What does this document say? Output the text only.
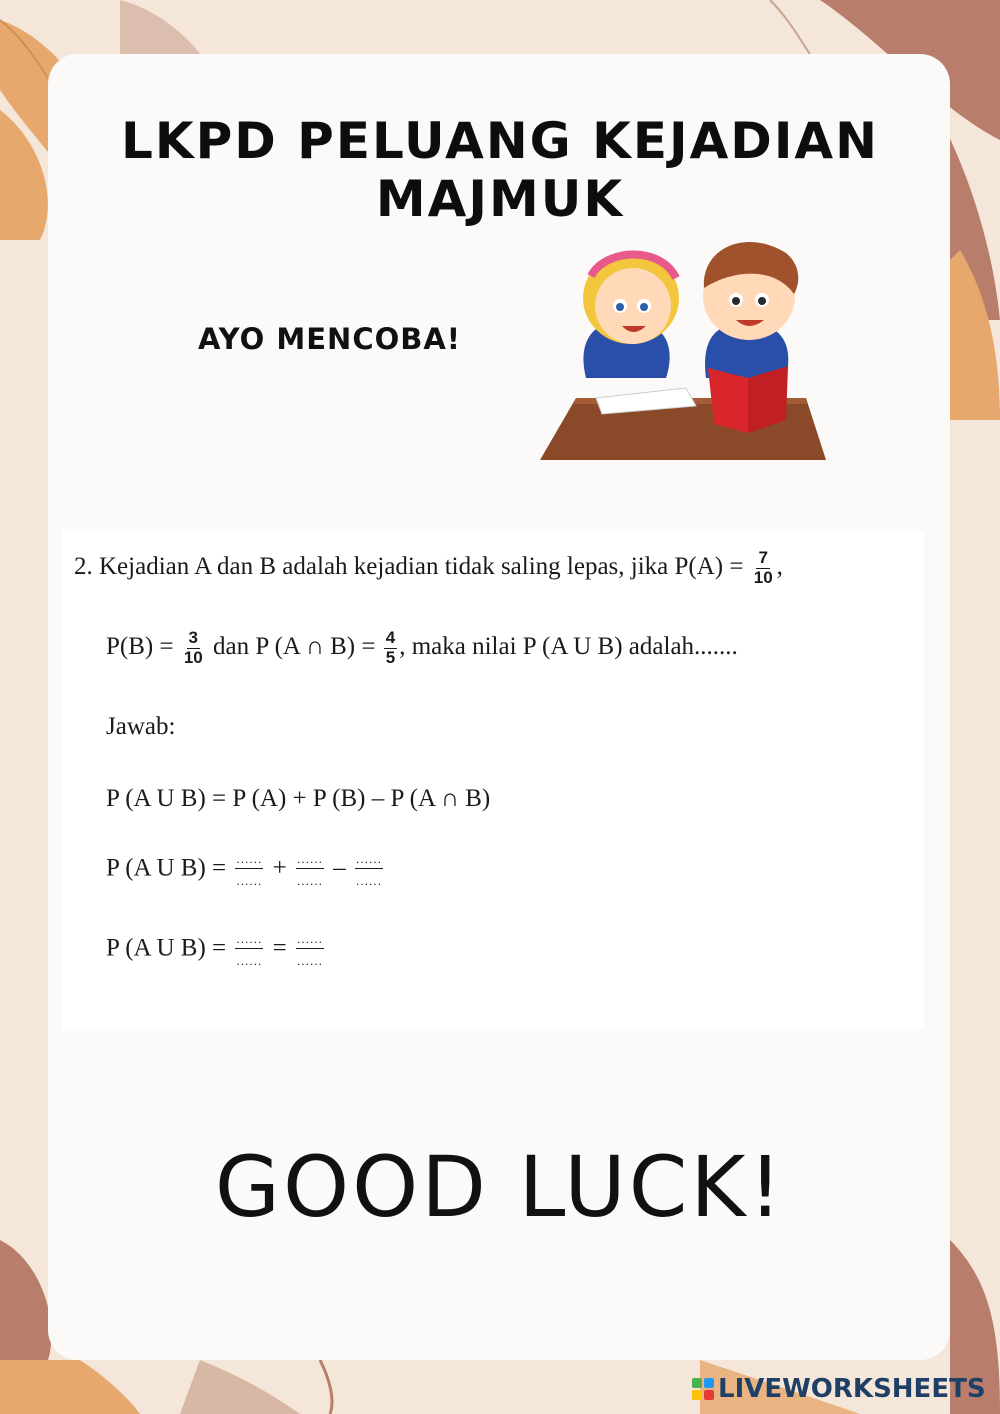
LKPD PELUANG KEJADIAN MAJMUK
AYO MENCOBA!
2. Kejadian A dan B adalah kejadian tidak saling lepas, jika $P(A) = \frac{7}{10}$ ,
$P(B) = \frac{3}{10}$ dan P (A ∩ $B) = \frac{4}{5}$ , maka nilai P (A U B) adalah.......
Jawab:
P (A U B) = P (A) + P (B) – P (A ∩ B)
P (A U B) = ......
...... + ......
...... – ......
......
P (A U B) = ......
...... = ......
......
GOOD LUCK!
LIVEWORKSHEETS
